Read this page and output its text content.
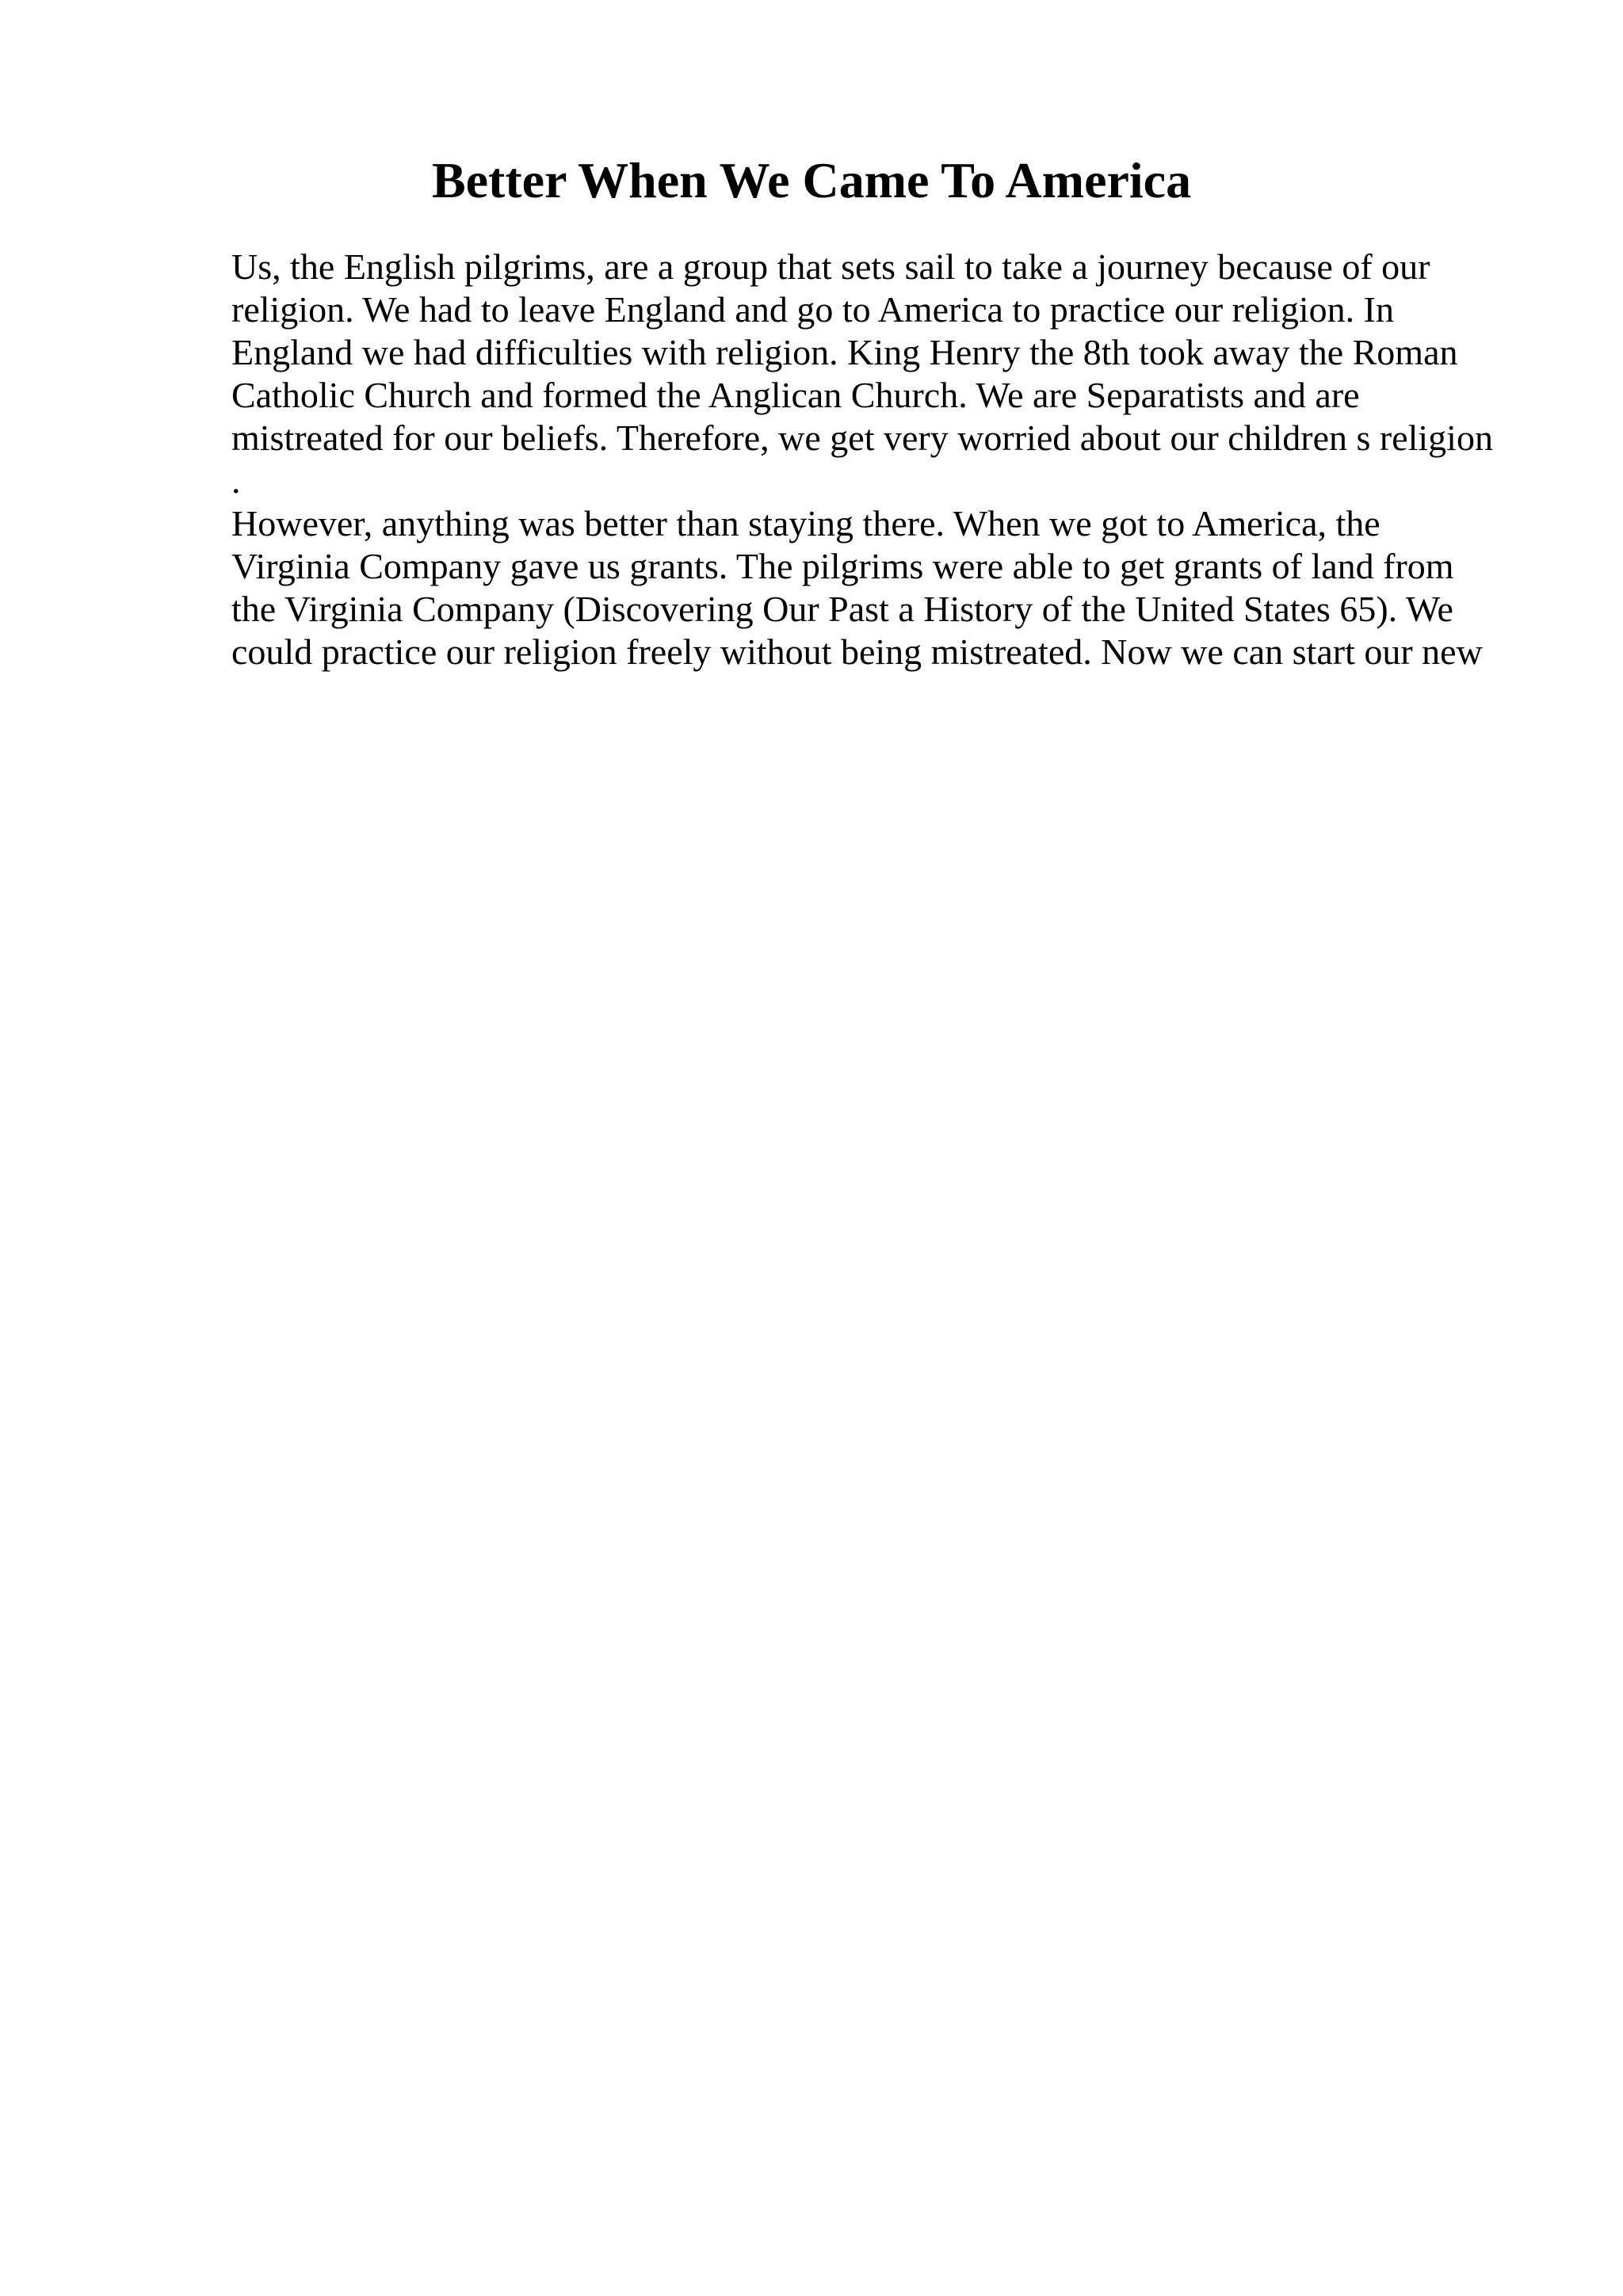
Better When We Came To America
Us, the English pilgrims, are a group that sets sail to take a journey because of our
religion. We had to leave England and go to America to practice our religion. In
England we had difficulties with religion. King Henry the 8th took away the Roman
Catholic Church and formed the Anglican Church. We are Separatists and are
mistreated for our beliefs. Therefore, we get very worried about our children s religion
.
However, anything was better than staying there. When we got to America, the
Virginia Company gave us grants. The pilgrims were able to get grants of land from
the Virginia Company (Discovering Our Past a History of the United States 65). We
could practice our religion freely without being mistreated. Now we can start our new
